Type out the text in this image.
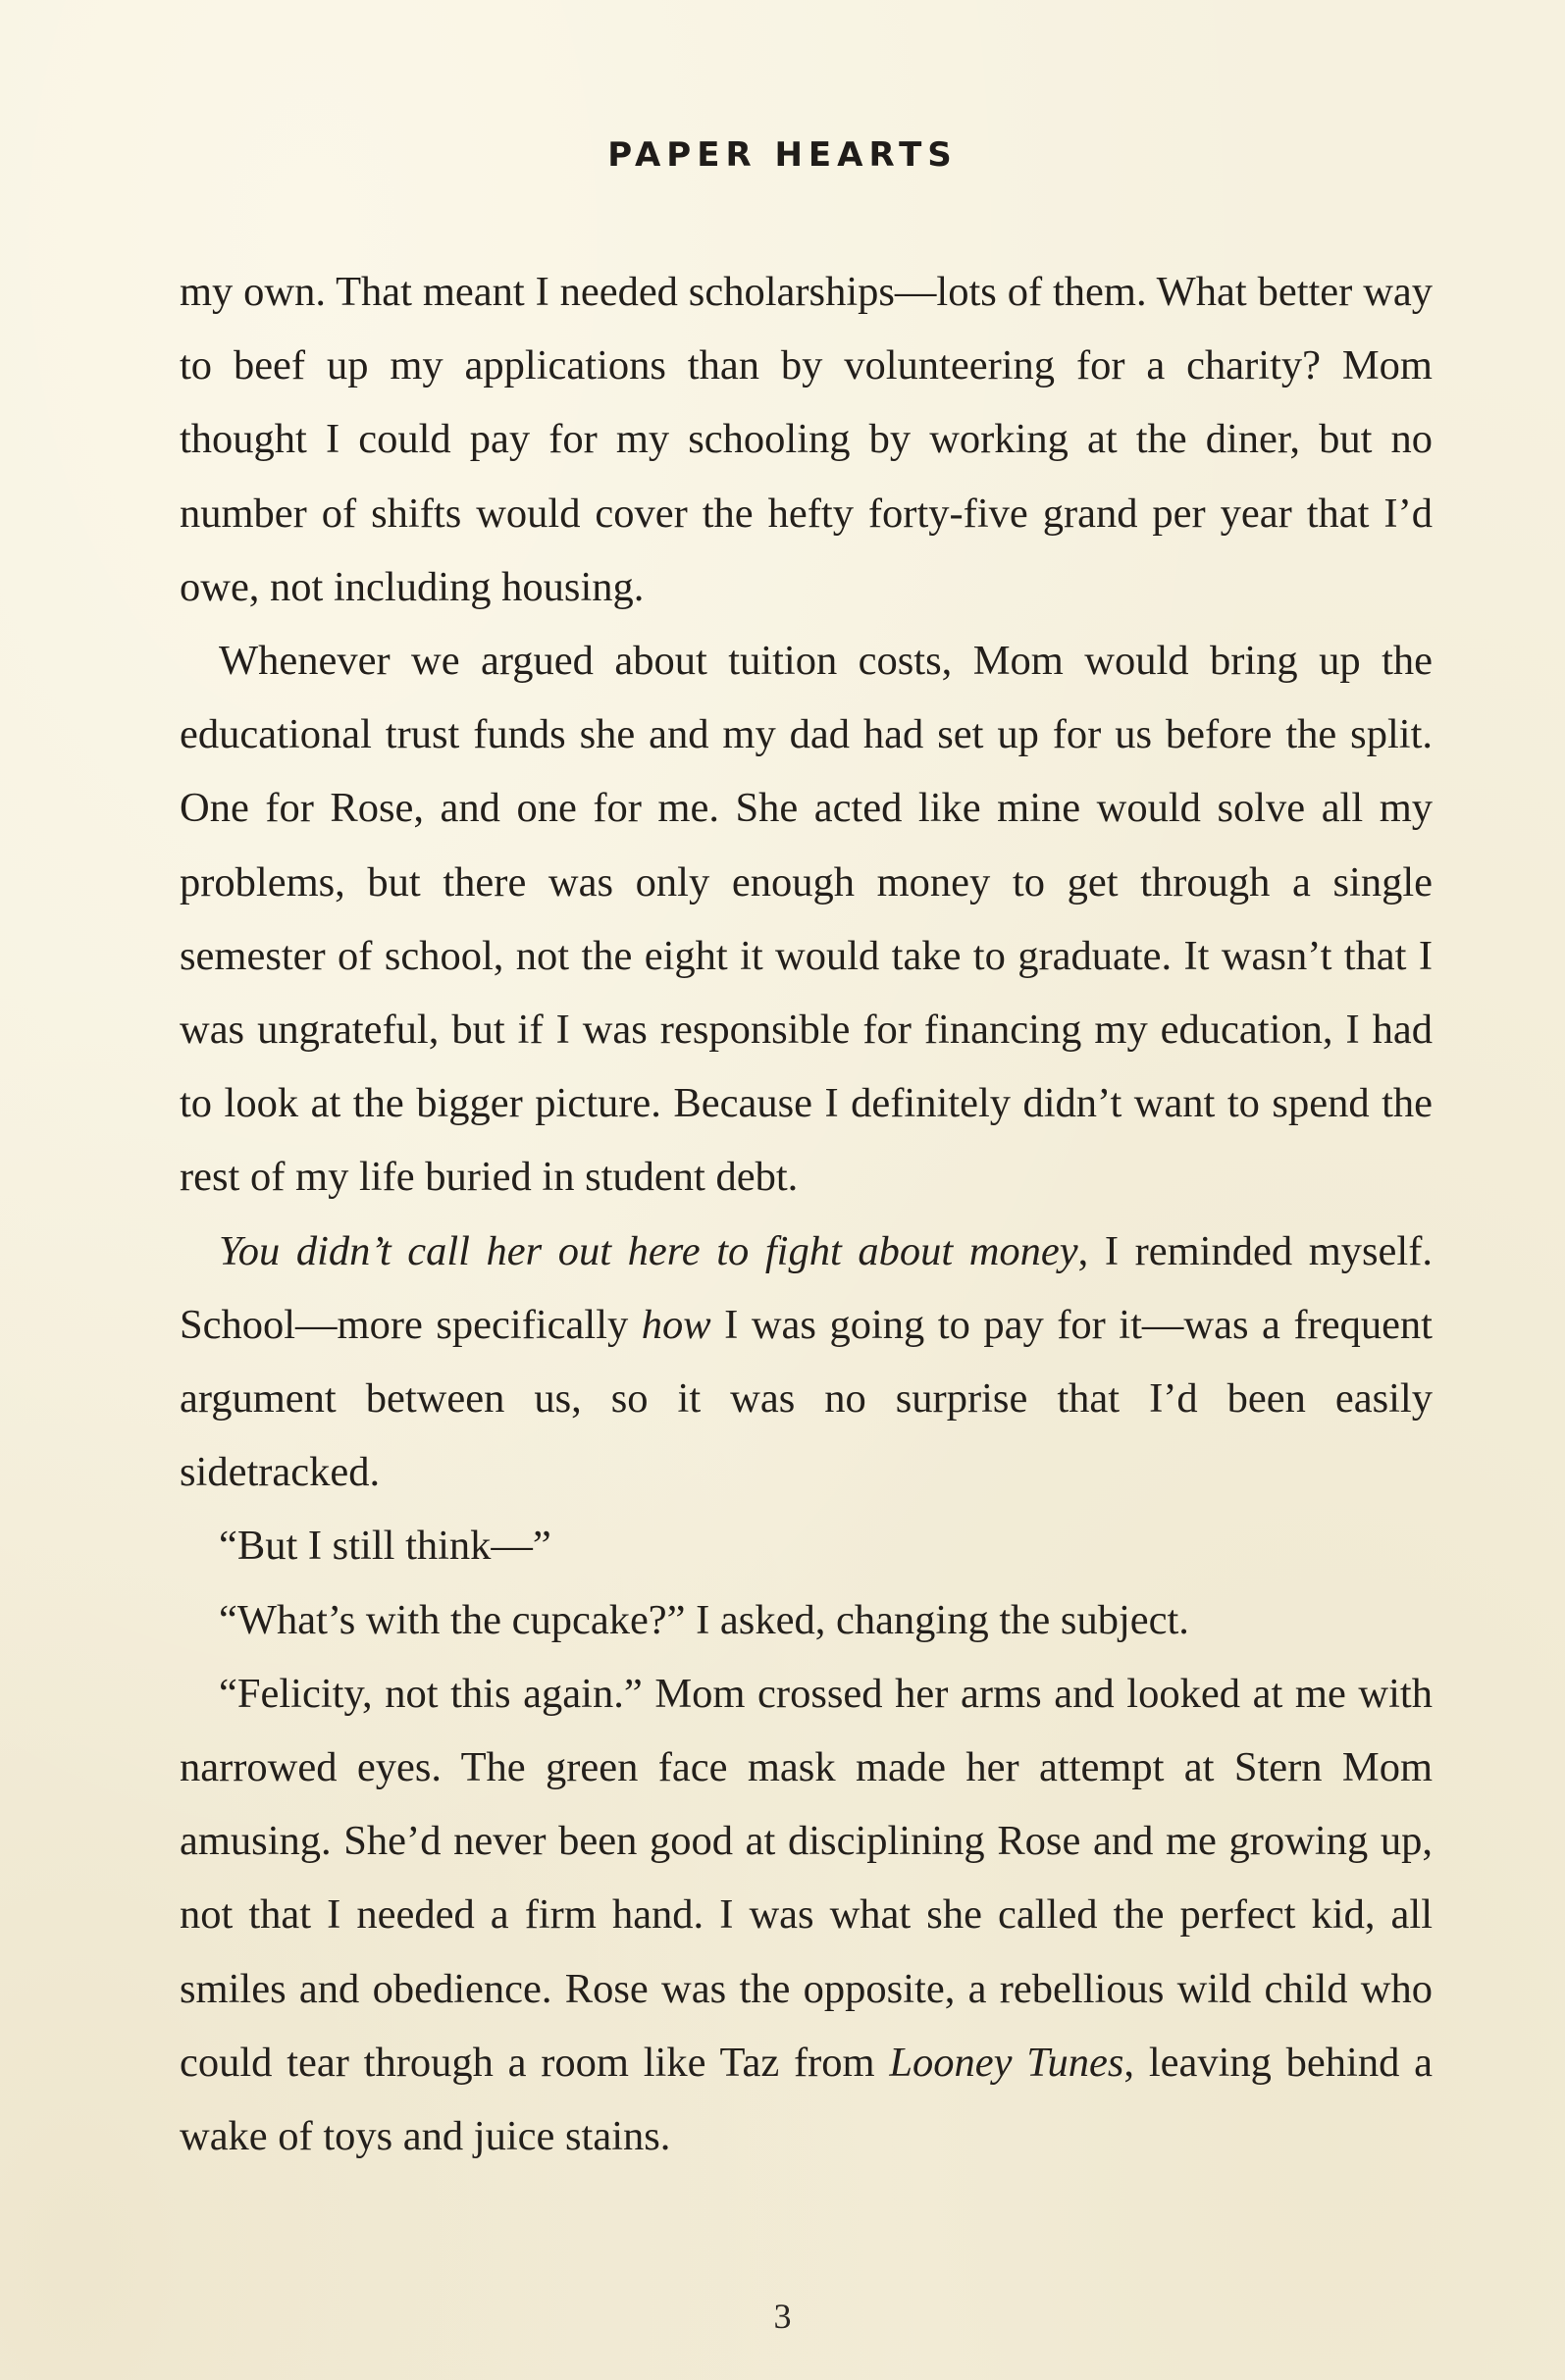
PAPER HEARTS

my own. That meant I needed scholarships—lots of them. What better way to beef up my applications than by volunteering for a charity? Mom thought I could pay for my schooling by working at the diner, but no number of shifts would cover the hefty forty-five grand per year that I’d owe, not including housing.

Whenever we argued about tuition costs, Mom would bring up the educational trust funds she and my dad had set up for us before the split. One for Rose, and one for me. She acted like mine would solve all my problems, but there was only enough money to get through a single semester of school, not the eight it would take to graduate. It wasn’t that I was ungrateful, but if I was responsible for financing my education, I had to look at the bigger picture. Because I definitely didn’t want to spend the rest of my life buried in student debt.

You didn’t call her out here to fight about money, I reminded myself. School—more specifically how I was going to pay for it—was a frequent argument between us, so it was no surprise that I’d been easily sidetracked.

“But I still think—”

“What’s with the cupcake?” I asked, changing the subject.

“Felicity, not this again.” Mom crossed her arms and looked at me with narrowed eyes. The green face mask made her attempt at Stern Mom amusing. She’d never been good at disciplining Rose and me growing up, not that I needed a firm hand. I was what she called the perfect kid, all smiles and obedience. Rose was the opposite, a rebellious wild child who could tear through a room like Taz from Looney Tunes, leaving behind a wake of toys and juice stains.

3
